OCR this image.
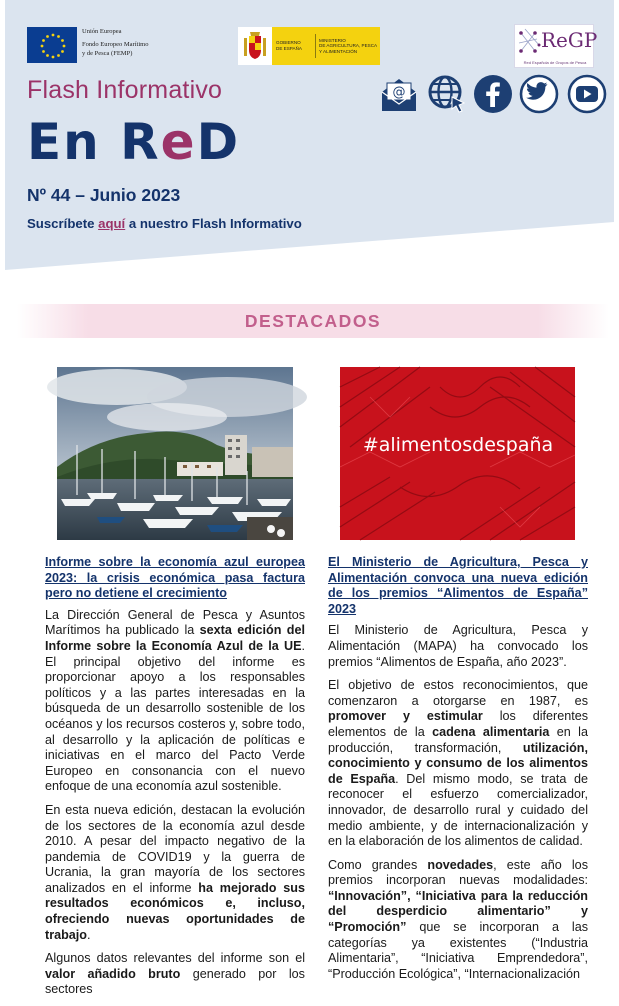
Unión Europea
Fondo Europeo Marítimo
y de Pesca (FEMP)
GOBIERNO
DE ESPAÑA
MINISTERIO
DE AGRICULTURA, PESCA
Y ALIMENTACIÓN	ReGP
Red Española de Grupos de Pesca
Flash Informativo
En ReD
Nº 44 – Junio 2023
Suscríbete aquí a nuestro Flash Informativo
@
DESTACADOS
#alimentosdespaña
Informe sobre la economía azul europea 2023: la crisis económica pasa factura pero no detiene el crecimiento

La Dirección General de Pesca y Asuntos Marítimos ha publicado la sexta edición del Informe sobre la Economía Azul de la UE. El principal objetivo del informe es proporcionar apoyo a los responsables políticos y a las partes interesadas en la búsqueda de un desarrollo sostenible de los océanos y los recursos costeros y, sobre todo, al desarrollo y la aplicación de políticas e iniciativas en el marco del Pacto Verde Europeo en consonancia con el nuevo enfoque de una economía azul sostenible.

En esta nueva edición, destacan la evolución de los sectores de la economía azul desde 2010. A pesar del impacto negativo de la pandemia de COVID19 y la guerra de Ucrania, la gran mayoría de los sectores analizados en el informe ha mejorado sus resultados económicos e, incluso, ofreciendo nuevas oportunidades de trabajo.

Algunos datos relevantes del informe son el valor añadido bruto generado por los sectores

El Ministerio de Agricultura, Pesca y Alimentación convoca una nueva edición de los premios “Alimentos de España” 2023

El Ministerio de Agricultura, Pesca y Alimentación (MAPA) ha convocado los premios “Alimentos de España, año 2023”.

El objetivo de estos reconocimientos, que comenzaron a otorgarse en 1987, es promover y estimular los diferentes elementos de la cadena alimentaria en la producción, transformación, utilización, conocimiento y consumo de los alimentos de España. Del mismo modo, se trata de reconocer el esfuerzo comercializador, innovador, de desarrollo rural y cuidado del medio ambiente, y de internacionalización y en la elaboración de los alimentos de calidad.

Como grandes novedades, este año los premios incorporan nuevas modalidades: “Innovación”, “Iniciativa para la reducción del desperdicio alimentario” y “Promoción” que se incorporan a las categorías ya existentes (“Industria Alimentaria”, “Iniciativa Emprendedora”, “Producción Ecológica”, “Internacionalización
